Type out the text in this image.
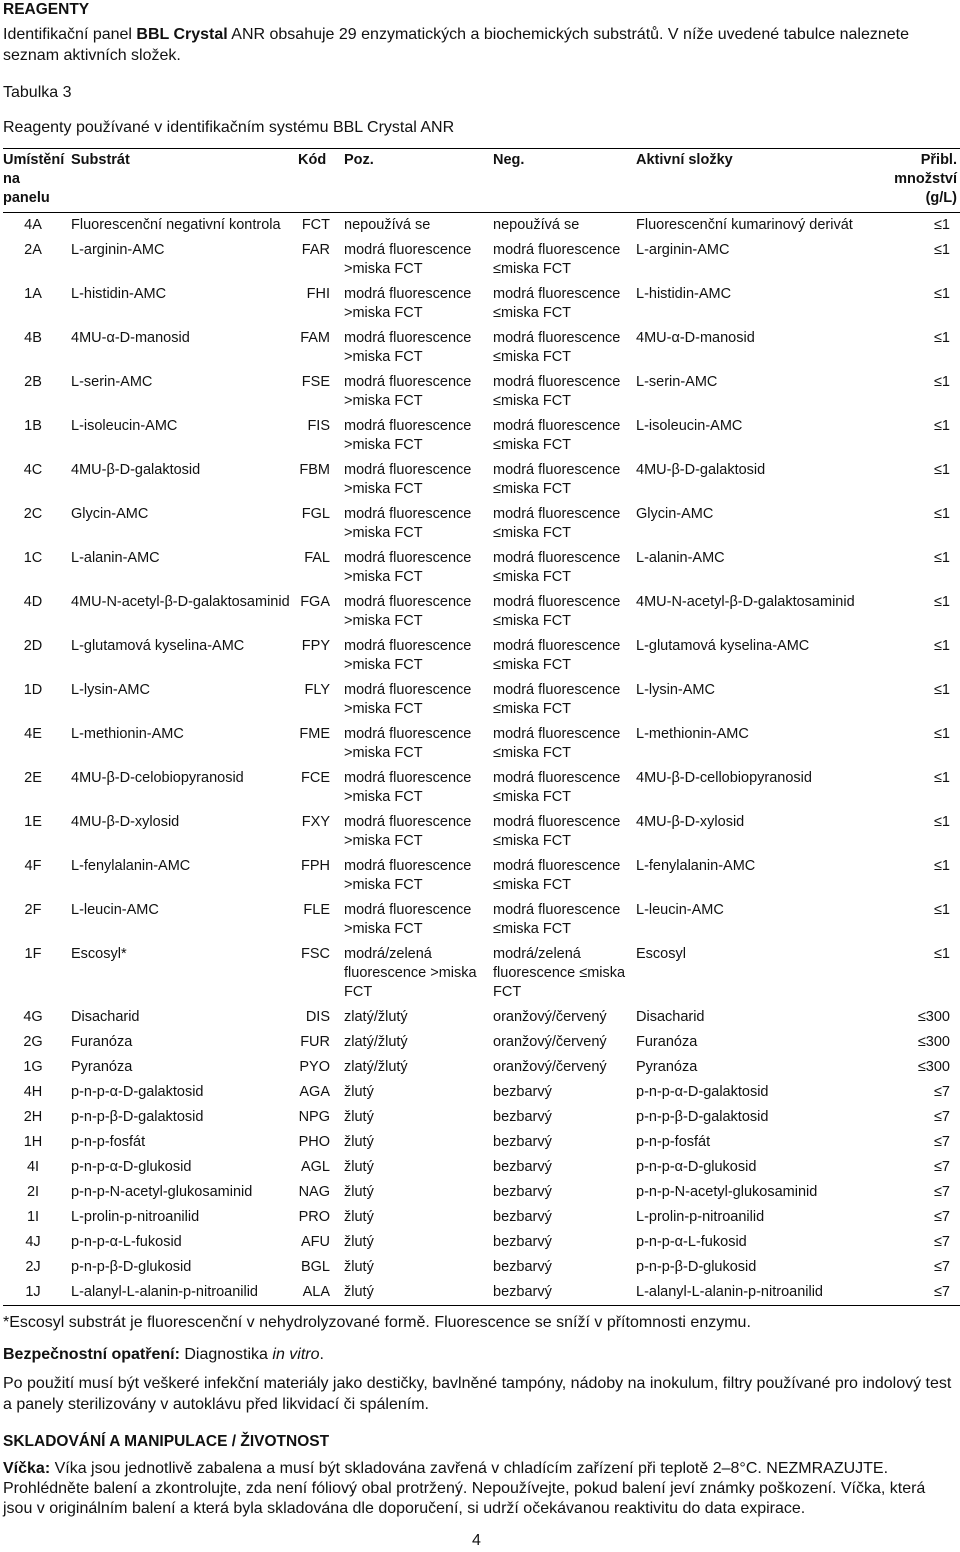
REAGENTY

Identifikační panel BBL Crystal ANR obsahuje 29 enzymatických a biochemických substrátů. V níže uvedené tabulce naleznete seznam aktivních složek.

Tabulka 3

Reagenty používané v identifikačním systému BBL Crystal ANR

Umístění na panelu	Substrát	Kód	Poz.	Neg.	Aktivní složky	Přibl. množství (g/L)
4A	Fluorescenční negativní kontrola	FCT	nepoužívá se	nepoužívá se	Fluorescenční kumarinový derivát	≤1
2A	L-arginin-AMC	FAR	modrá fluorescence >miska FCT	modrá fluorescence ≤miska FCT	L-arginin-AMC	≤1
1A	L-histidin-AMC	FHI	modrá fluorescence >miska FCT	modrá fluorescence ≤miska FCT	L-histidin-AMC	≤1
4B	4MU-α-D-manosid	FAM	modrá fluorescence >miska FCT	modrá fluorescence ≤miska FCT	4MU-α-D-manosid	≤1
2B	L-serin-AMC	FSE	modrá fluorescence >miska FCT	modrá fluorescence ≤miska FCT	L-serin-AMC	≤1
1B	L-isoleucin-AMC	FIS	modrá fluorescence >miska FCT	modrá fluorescence ≤miska FCT	L-isoleucin-AMC	≤1
4C	4MU-β-D-galaktosid	FBM	modrá fluorescence >miska FCT	modrá fluorescence ≤miska FCT	4MU-β-D-galaktosid	≤1
2C	Glycin-AMC	FGL	modrá fluorescence >miska FCT	modrá fluorescence ≤miska FCT	Glycin-AMC	≤1
1C	L-alanin-AMC	FAL	modrá fluorescence >miska FCT	modrá fluorescence ≤miska FCT	L-alanin-AMC	≤1
4D	4MU-N-acetyl-β-D-galaktosaminid	FGA	modrá fluorescence >miska FCT	modrá fluorescence ≤miska FCT	4MU-N-acetyl-β-D-galaktosaminid	≤1
2D	L-glutamová kyselina-AMC	FPY	modrá fluorescence >miska FCT	modrá fluorescence ≤miska FCT	L-glutamová kyselina-AMC	≤1
1D	L-lysin-AMC	FLY	modrá fluorescence >miska FCT	modrá fluorescence ≤miska FCT	L-lysin-AMC	≤1
4E	L-methionin-AMC	FME	modrá fluorescence >miska FCT	modrá fluorescence ≤miska FCT	L-methionin-AMC	≤1
2E	4MU-β-D-celobiopyranosid	FCE	modrá fluorescence >miska FCT	modrá fluorescence ≤miska FCT	4MU-β-D-cellobiopyranosid	≤1
1E	4MU-β-D-xylosid	FXY	modrá fluorescence >miska FCT	modrá fluorescence ≤miska FCT	4MU-β-D-xylosid	≤1
4F	L-fenylalanin-AMC	FPH	modrá fluorescence >miska FCT	modrá fluorescence ≤miska FCT	L-fenylalanin-AMC	≤1
2F	L-leucin-AMC	FLE	modrá fluorescence >miska FCT	modrá fluorescence ≤miska FCT	L-leucin-AMC	≤1
1F	Escosyl*	FSC	modrá/zelená fluorescence >miska FCT	modrá/zelená fluorescence ≤miska FCT	Escosyl	≤1
4G	Disacharid	DIS	zlatý/žlutý	oranžový/červený	Disacharid	≤300
2G	Furanóza	FUR	zlatý/žlutý	oranžový/červený	Furanóza	≤300
1G	Pyranóza	PYO	zlatý/žlutý	oranžový/červený	Pyranóza	≤300
4H	p-n-p-α-D-galaktosid	AGA	žlutý	bezbarvý	p-n-p-α-D-galaktosid	≤7
2H	p-n-p-β-D-galaktosid	NPG	žlutý	bezbarvý	p-n-p-β-D-galaktosid	≤7
1H	p-n-p-fosfát	PHO	žlutý	bezbarvý	p-n-p-fosfát	≤7
4I	p-n-p-α-D-glukosid	AGL	žlutý	bezbarvý	p-n-p-α-D-glukosid	≤7
2I	p-n-p-N-acetyl-glukosaminid	NAG	žlutý	bezbarvý	p-n-p-N-acetyl-glukosaminid	≤7
1I	L-prolin-p-nitroanilid	PRO	žlutý	bezbarvý	L-prolin-p-nitroanilid	≤7
4J	p-n-p-α-L-fukosid	AFU	žlutý	bezbarvý	p-n-p-α-L-fukosid	≤7
2J	p-n-p-β-D-glukosid	BGL	žlutý	bezbarvý	p-n-p-β-D-glukosid	≤7
1J	L-alanyl-L-alanin-p-nitroanilid	ALA	žlutý	bezbarvý	L-alanyl-L-alanin-p-nitroanilid	≤7

*Escosyl substrát je fluorescenční v nehydrolyzované formě. Fluorescence se sníží v přítomnosti enzymu.

Bezpečnostní opatření: Diagnostika in vitro.

Po použití musí být veškeré infekční materiály jako destičky, bavlněné tampóny, nádoby na inokulum, filtry používané pro indolový test a panely sterilizovány v autoklávu před likvidací či spálením.

SKLADOVÁNÍ A MANIPULACE / ŽIVOTNOST

Víčka: Víka jsou jednotlivě zabalena a musí být skladována zavřená v chladícím zařízení při teplotě 2–8°C. NEZMRAZUJTE. Prohlédněte balení a zkontrolujte, zda není fóliový obal protržený. Nepoužívejte, pokud balení jeví známky poškození. Víčka, která jsou v originálním balení a která byla skladována dle doporučení, si udrží očekávanou reaktivitu do data expirace.

4
